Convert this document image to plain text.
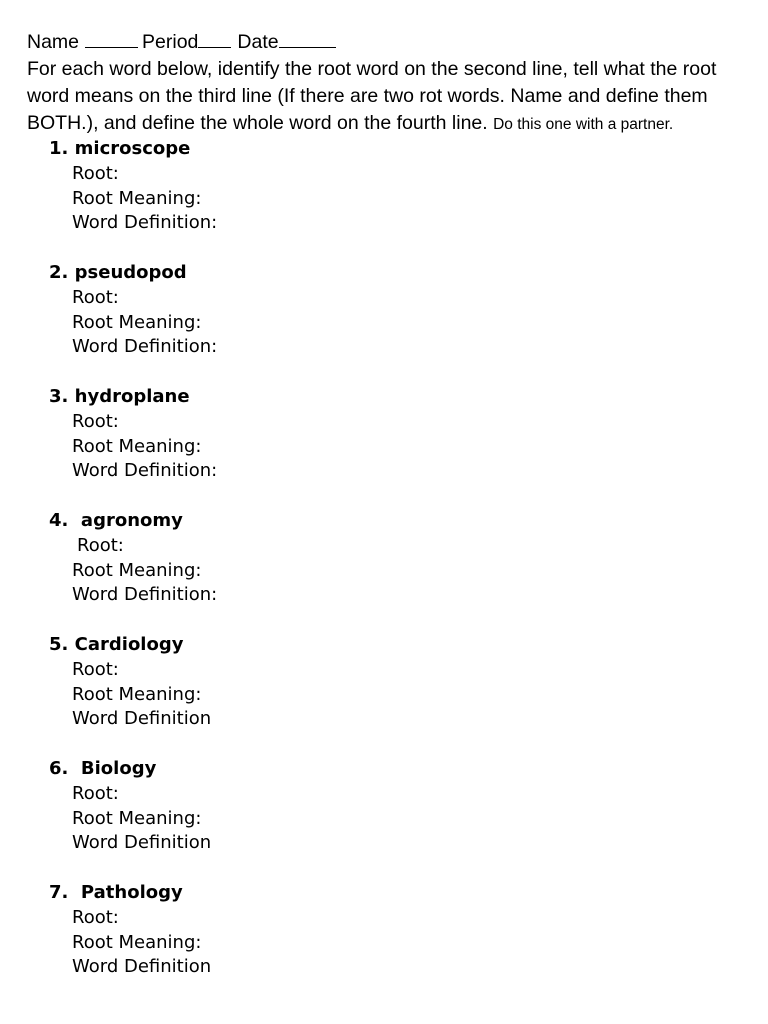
Name	Period Date

For each word below, identify the root word on the second line, tell what the root word means on the third line (If there are two rot words. Name and define them BOTH.), and define the whole word on the fourth line. Do this one with a partner.

1. microscope
Root:
Root Meaning:
Word Definition:
2. pseudopod
Root:
Root Meaning:
Word Definition:
3. hydroplane
Root:
Root Meaning:
Word Definition:
4. agronomy
Root:
Root Meaning:
Word Definition:
5. Cardiology
Root:
Root Meaning:
Word Definition
6. Biology
Root:
Root Meaning:
Word Definition
7. Pathology
Root:
Root Meaning:
Word Definition
